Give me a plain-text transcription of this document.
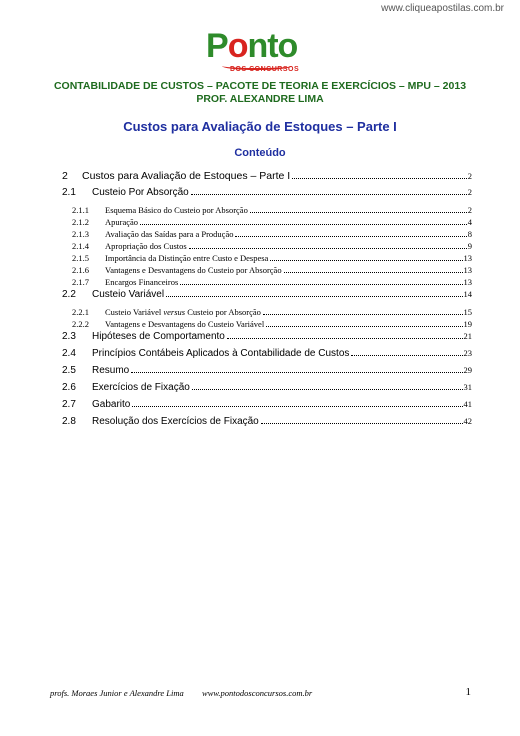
www.cliqueapostilas.com.br
Ponto
DOS CONCURSOS
CONTABILIDADE DE CUSTOS – PACOTE DE TEORIA E EXERCÍCIOS – MPU – 2013
PROF. ALEXANDRE LIMA
Custos para Avaliação de Estoques – Parte I
Conteúdo
2	Custos para Avaliação de Estoques – Parte I	2
2.1	Custeio Por Absorção	2
2.1.1	Esquema Básico do Custeio por Absorção	2
2.1.2	Apuração	4
2.1.3	Avaliação das Saídas para a Produção	8
2.1.4	Apropriação dos Custos	9
2.1.5	Importância da Distinção entre Custo e Despesa	13
2.1.6	Vantagens e Desvantagens do Custeio por Absorção	13
2.1.7	Encargos Financeiros	13
2.2	Custeio Variável	14
2.2.1	Custeio Variável versus Custeio por Absorção	15
2.2.2	Vantagens e Desvantagens do Custeio Variável	19
2.3	Hipóteses de Comportamento	21
2.4	Princípios Contábeis Aplicados à Contabilidade de Custos	23
2.5	Resumo	29
2.6	Exercícios de Fixação	31
2.7	Gabarito	41
2.8	Resolução dos Exercícios de Fixação	42
profs. Moraes Junior e Alexandre Lima www.pontodosconcursos.com.br	1
